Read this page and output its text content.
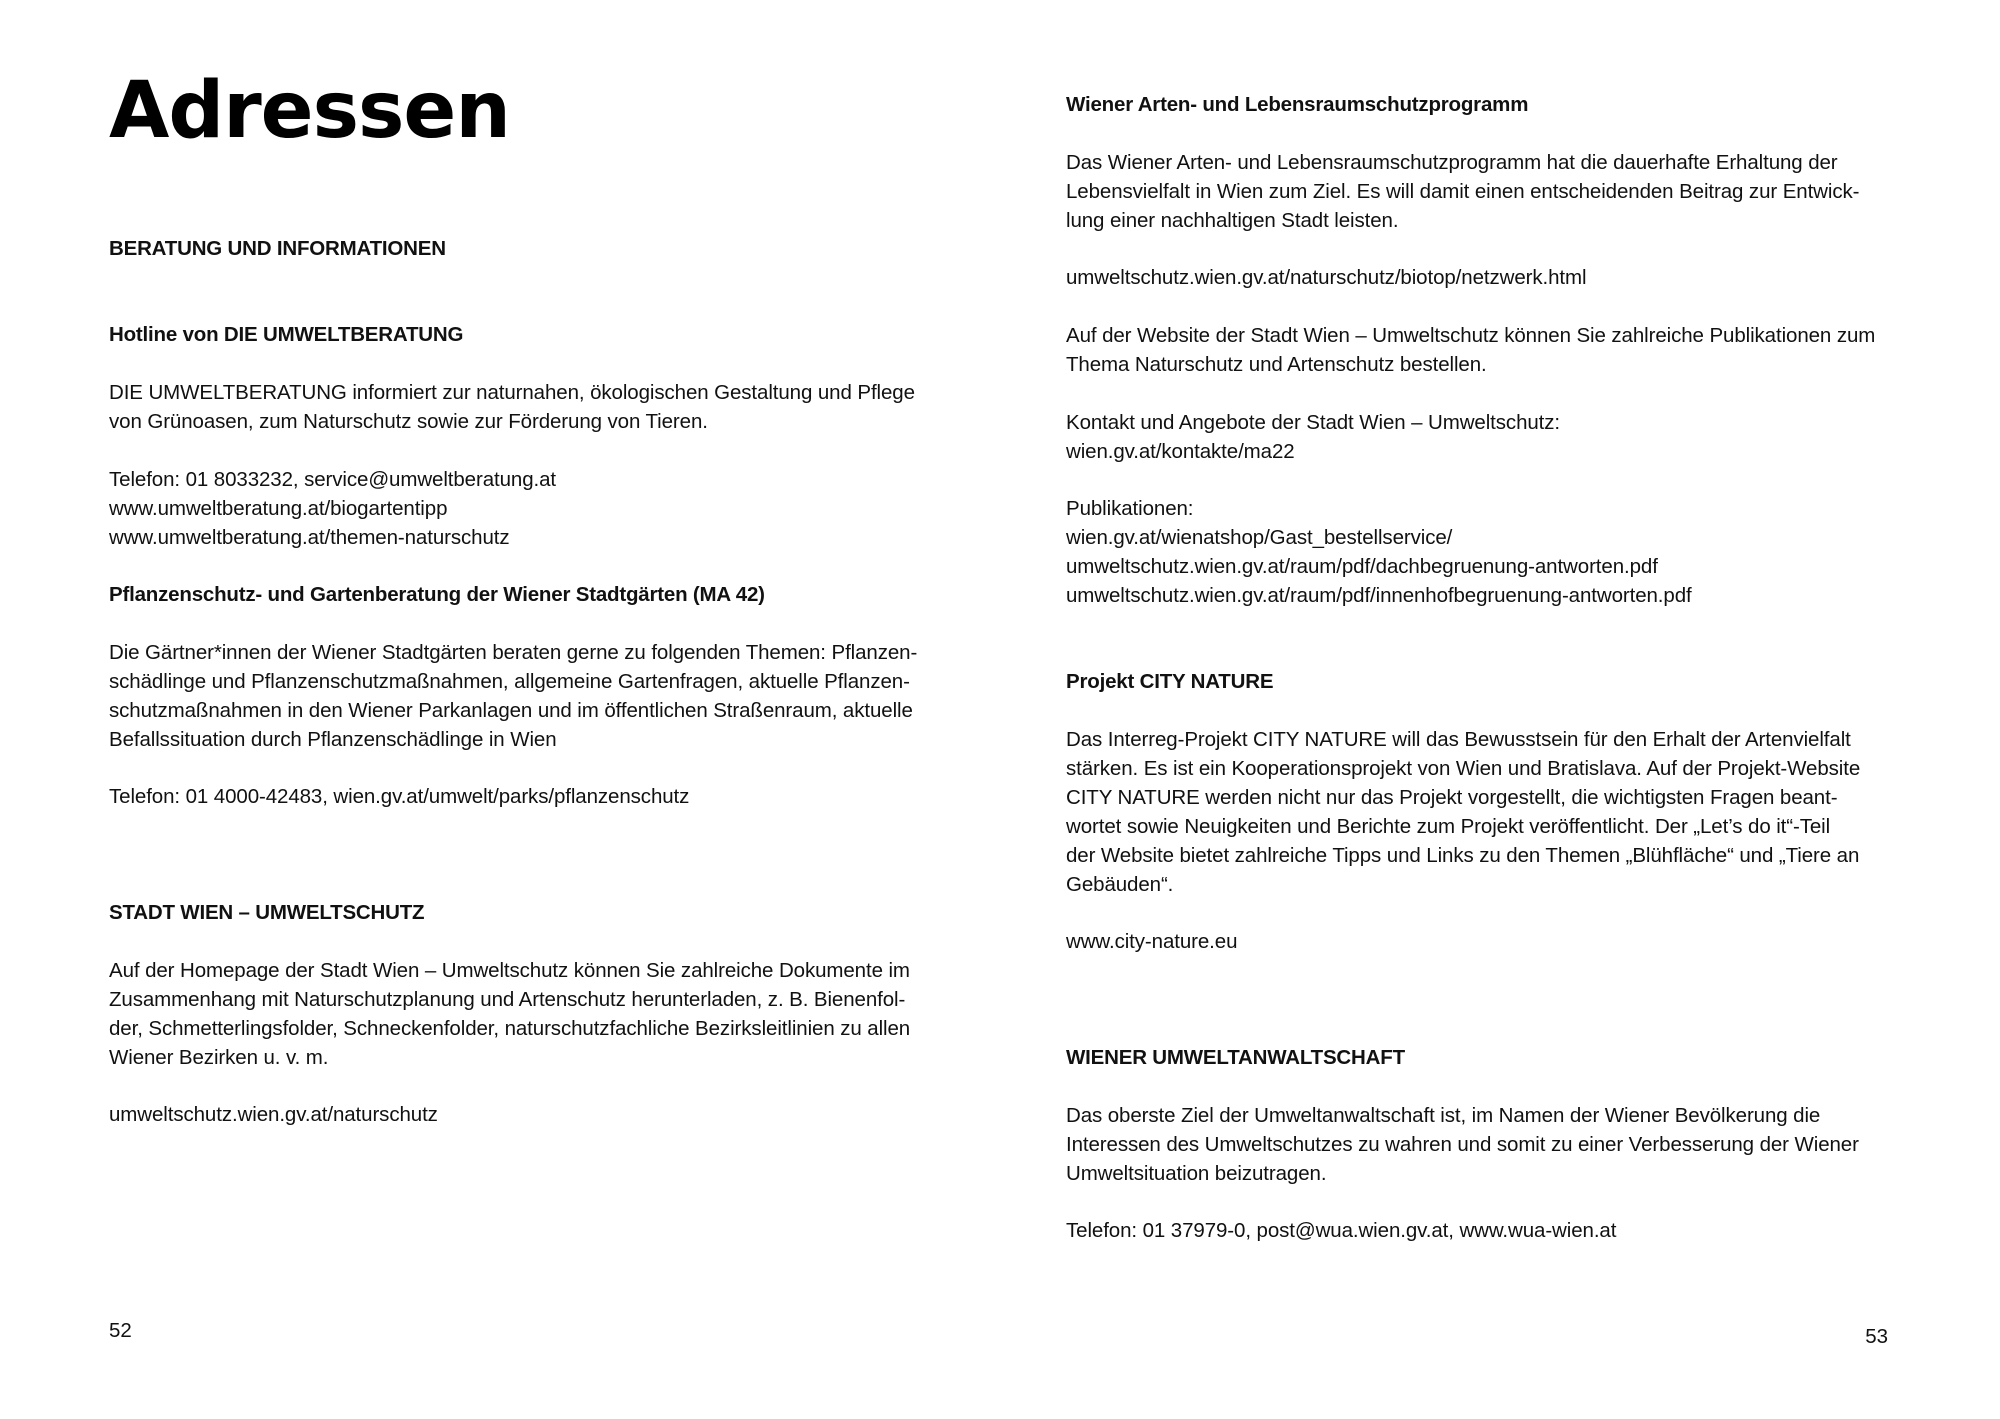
Adressen
BERATUNG UND INFORMATIONEN
Hotline von DIE UMWELTBERATUNG
DIE UMWELTBERATUNG informiert zur naturnahen, ökologischen Gestaltung und Pflege
von Grünoasen, zum Naturschutz sowie zur Förderung von Tieren.
Telefon: 01 8033232, service@umweltberatung.at
www.umweltberatung.at/biogartentipp
www.umweltberatung.at/themen-naturschutz
Pflanzenschutz- und Gartenberatung der Wiener Stadtgärten (MA 42)
Die Gärtner*innen der Wiener Stadtgärten beraten gerne zu folgenden Themen: Pflanzen-
schädlinge und Pflanzenschutzmaßnahmen, allgemeine Gartenfragen, aktuelle Pflanzen-
schutzmaßnahmen in den Wiener Parkanlagen und im öffentlichen Straßenraum, aktuelle
Befallssituation durch Pflanzenschädlinge in Wien
Telefon: 01 4000-42483, wien.gv.at/umwelt/parks/pflanzenschutz
STADT WIEN – UMWELTSCHUTZ
Auf der Homepage der Stadt Wien – Umweltschutz können Sie zahlreiche Dokumente im
Zusammenhang mit Naturschutzplanung und Artenschutz herunterladen, z. B. Bienenfol-
der, Schmetterlingsfolder, Schneckenfolder, naturschutzfachliche Bezirksleitlinien zu allen
Wiener Bezirken u. v. m.
umweltschutz.wien.gv.at/naturschutz
52
Wiener Arten- und Lebensraumschutzprogramm
Das Wiener Arten- und Lebensraumschutzprogramm hat die dauerhafte Erhaltung der
Lebensvielfalt in Wien zum Ziel. Es will damit einen entscheidenden Beitrag zur Entwick-
lung einer nachhaltigen Stadt leisten.
umweltschutz.wien.gv.at/naturschutz/biotop/netzwerk.html
Auf der Website der Stadt Wien – Umweltschutz können Sie zahlreiche Publikationen zum
Thema Naturschutz und Artenschutz bestellen.
Kontakt und Angebote der Stadt Wien – Umweltschutz:
wien.gv.at/kontakte/ma22
Publikationen:
wien.gv.at/wienatshop/Gast_bestellservice/
umweltschutz.wien.gv.at/raum/pdf/dachbegruenung-antworten.pdf
umweltschutz.wien.gv.at/raum/pdf/innenhofbegruenung-antworten.pdf
Projekt CITY NATURE
Das Interreg-Projekt CITY NATURE will das Bewusstsein für den Erhalt der Artenvielfalt
stärken. Es ist ein Kooperationsprojekt von Wien und Bratislava. Auf der Projekt-Website
CITY NATURE werden nicht nur das Projekt vorgestellt, die wichtigsten Fragen beant-
wortet sowie Neuigkeiten und Berichte zum Projekt veröffentlicht. Der „Let’s do it“-Teil
der Website bietet zahlreiche Tipps und Links zu den Themen „Blühfläche“ und „Tiere an
Gebäuden“.
www.city-nature.eu
WIENER UMWELTANWALTSCHAFT
Das oberste Ziel der Umweltanwaltschaft ist, im Namen der Wiener Bevölkerung die
Interessen des Umweltschutzes zu wahren und somit zu einer Verbesserung der Wiener
Umweltsituation beizutragen.
Telefon: 01 37979-0, post@wua.wien.gv.at, www.wua-wien.at
53
